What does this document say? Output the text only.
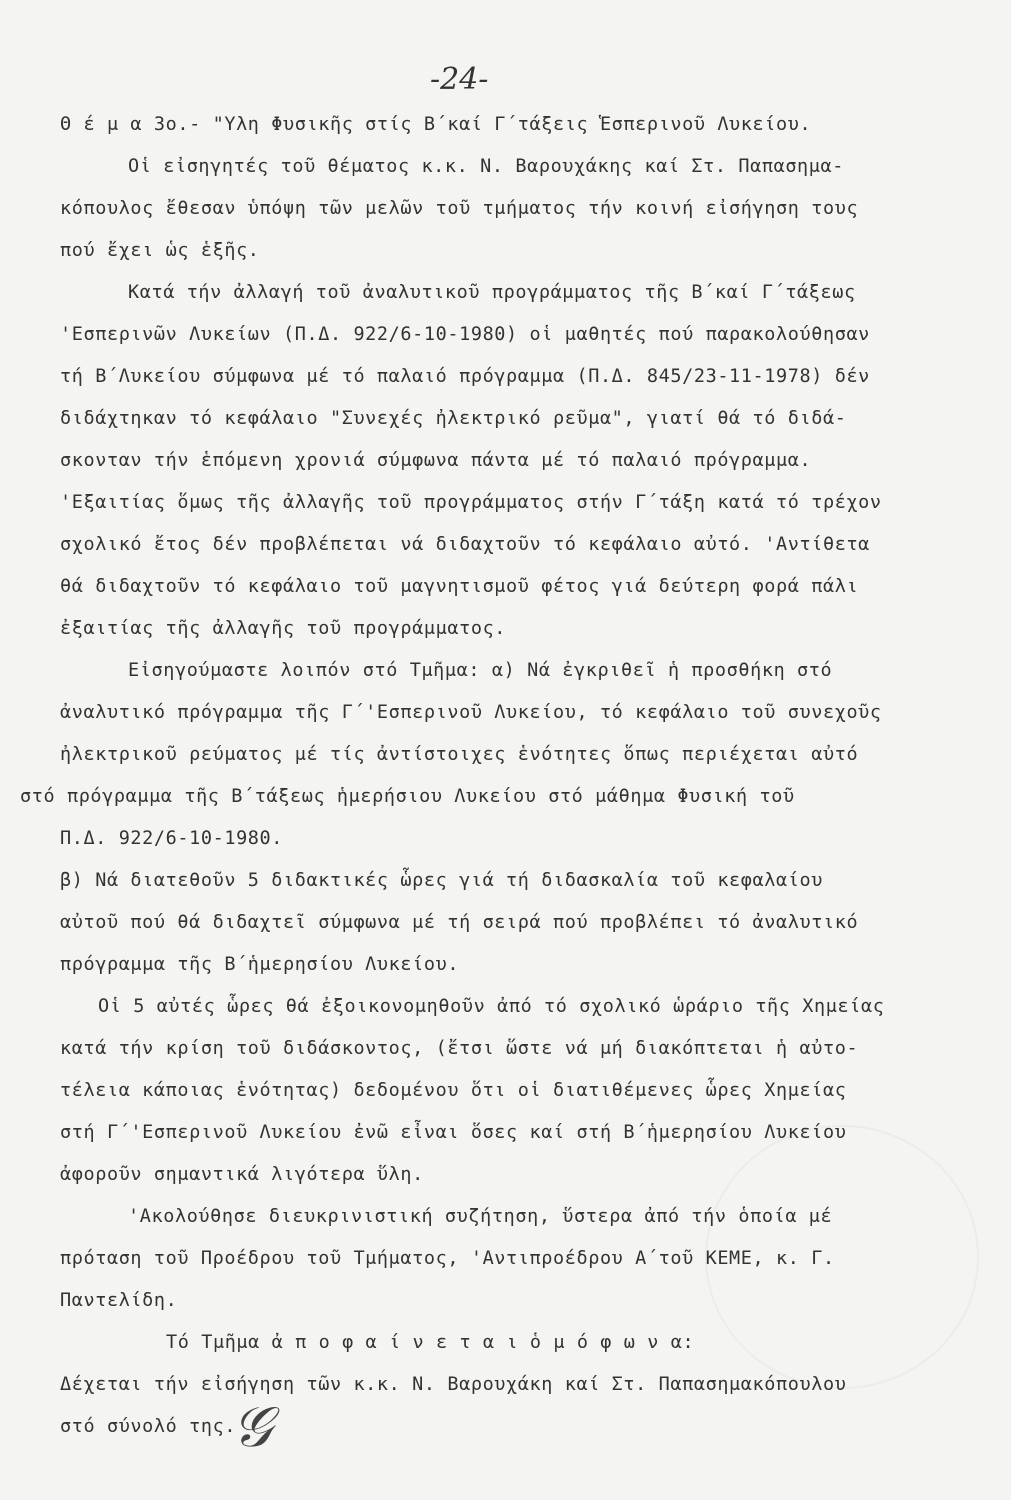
-24-
Θ έ μ α 3ο.- "Υλη Φυσικῆς στίς Β΄καί Γ΄τάξεις Ἑσπερινοῦ Λυκείου.
Οἱ εἰσηγητές τοῦ θέματος κ.κ. Ν. Βαρουχάκης καί Στ. Παπασημα-
κόπουλος ἔθεσαν ὑπόψη τῶν μελῶν τοῦ τμήματος τήν κοινή εἰσήγηση τους
πού ἔχει ὡς ἑξῆς.
Κατά τήν ἀλλαγή τοῦ ἀναλυτικοῦ προγράμματος τῆς Β΄καί Γ΄τάξεως
'Εσπερινῶν Λυκείων (Π.Δ. 922/6-10-1980) οἱ μαθητές πού παρακολούθησαν
τή Β΄Λυκείου σύμφωνα μέ τό παλαιό πρόγραμμα (Π.Δ. 845/23-11-1978) δέν
διδάχτηκαν τό κεφάλαιο "Συνεχές ἠλεκτρικό ρεῦμα", γιατί θά τό διδά-
σκονταν τήν ἑπόμενη χρονιά σύμφωνα πάντα μέ τό παλαιό πρόγραμμα.
'Εξαιτίας ὅμως τῆς ἀλλαγῆς τοῦ προγράμματος στήν Γ΄τάξη κατά τό τρέχον
σχολικό ἔτος δέν προβλέπεται νά διδαχτοῦν τό κεφάλαιο αὐτό. 'Αντίθετα
θά διδαχτοῦν τό κεφάλαιο τοῦ μαγνητισμοῦ φέτος γιά δεύτερη φορά πάλι
ἐξαιτίας τῆς ἀλλαγῆς τοῦ προγράμματος.
Εἰσηγούμαστε λοιπόν στό Τμῆμα: α) Νά ἐγκριθεῖ ἡ προσθήκη στό
ἀναλυτικό πρόγραμμα τῆς Γ΄'Εσπερινοῦ Λυκείου, τό κεφάλαιο τοῦ συνεχοῦς
ἠλεκτρικοῦ ρεύματος μέ τίς ἀντίστοιχες ἑνότητες ὅπως περιέχεται αὐτό
στό πρόγραμμα τῆς Β΄τάξεως ἡμερήσιου Λυκείου στό μάθημα Φυσική τοῦ
Π.Δ. 922/6-10-1980.
β) Νά διατεθοῦν 5 διδακτικές ὧρες γιά τή διδασκαλία τοῦ κεφαλαίου
αὐτοῦ πού θά διδαχτεῖ σύμφωνα μέ τή σειρά πού προβλέπει τό ἀναλυτικό
πρόγραμμα τῆς Β΄ἡμερησίου Λυκείου.
Οἱ 5 αὐτές ὧρες θά ἐξοικονομηθοῦν ἀπό τό σχολικό ὡράριο τῆς Χημείας
κατά τήν κρίση τοῦ διδάσκοντος, (ἔτσι ὥστε νά μή διακόπτεται ἡ αὐτο-
τέλεια κάποιας ἑνότητας) δεδομένου ὅτι οἱ διατιθέμενες ὧρες Χημείας
στή Γ΄'Εσπερινοῦ Λυκείου ἐνῶ εἶναι ὅσες καί στή Β΄ἡμερησίου Λυκείου
ἀφοροῦν σημαντικά λιγότερα ὕλη.
'Ακολούθησε διευκρινιστική συζήτηση, ὕστερα ἀπό τήν ὁποία μέ
πρόταση τοῦ Προέδρου τοῦ Τμήματος, 'Αντιπροέδρου Α΄τοῦ ΚΕΜΕ, κ. Γ.
Παντελίδη.
Τό Τμῆμα ἀ π ο φ α ί ν ε τ α ι ὁ μ ό φ ω ν α:
Δέχεται τήν εἰσήγηση τῶν κ.κ. Ν. Βαρουχάκη καί Στ. Παπασημακόπουλου
στό σύνολό της.
𝒢
